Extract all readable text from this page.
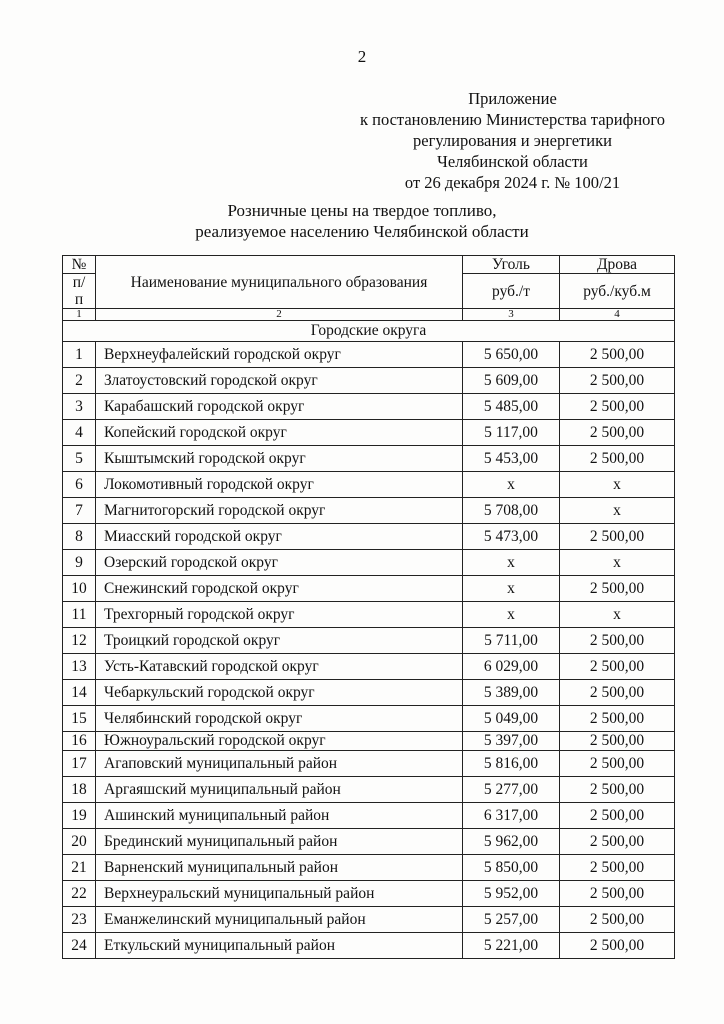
2
Приложение
к постановлению Министерства тарифного
регулирования и энергетики
Челябинской области
от 26 декабря 2024 г. № 100/21
Розничные цены на твердое топливо,
реализуемое населению Челябинской области
№	Наименование муниципального образования	Уголь	Дрова
п/п		руб./т	руб./куб.м
1	2	3	4
Городские округа			
1	Верхнеуфалейский городской округ	5 650,00	2 500,00
2	Златоустовский городской округ	5 609,00	2 500,00
3	Карабашский городской округ	5 485,00	2 500,00
4	Копейский городской округ	5 117,00	2 500,00
5	Кыштымский городской округ	5 453,00	2 500,00
6	Локомотивный городской округ	х	х
7	Магнитогорский городской округ	5 708,00	х
8	Миасский городской округ	5 473,00	2 500,00
9	Озерский городской округ	х	х
10	Снежинский городской округ	х	2 500,00
11	Трехгорный городской округ	х	х
12	Троицкий городской округ	5 711,00	2 500,00
13	Усть-Катавский городской округ	6 029,00	2 500,00
14	Чебаркульский городской округ	5 389,00	2 500,00
15	Челябинский городской округ	5 049,00	2 500,00
16	Южноуральский городской округ	5 397,00	2 500,00
17	Агаповский муниципальный район	5 816,00	2 500,00
18	Аргаяшский муниципальный район	5 277,00	2 500,00
19	Ашинский муниципальный район	6 317,00	2 500,00
20	Брединский муниципальный район	5 962,00	2 500,00
21	Варненский муниципальный район	5 850,00	2 500,00
22	Верхнеуральский муниципальный район	5 952,00	2 500,00
23	Еманжелинский муниципальный район	5 257,00	2 500,00
24	Еткульский муниципальный район	5 221,00	2 500,00
